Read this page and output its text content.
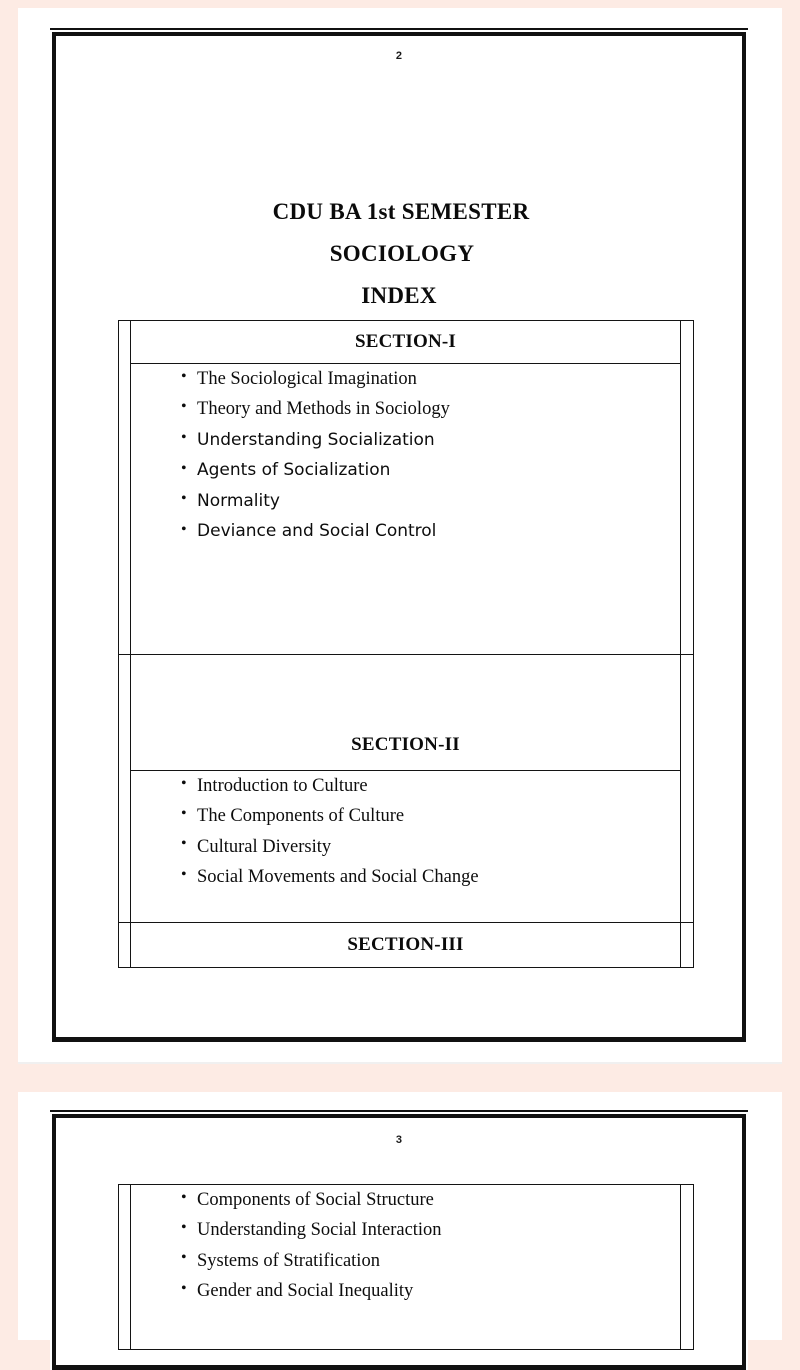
2
CDU BA 1st SEMESTER
SOCIOLOGY
INDEX

	SECTION-I	

• The Sociological Imagination
• Theory and Methods in Sociology
• Understanding Socialization
• Agents of Socialization
• Normality
• Deviance and Social Control

	SECTION-II	

• Introduction to Culture
• The Components of Culture
• Cultural Diversity
• Social Movements and Social Change

	SECTION-III	

3

• Components of Social Structure
• Understanding Social Interaction
• Systems of Stratification
• Gender and Social Inequality
